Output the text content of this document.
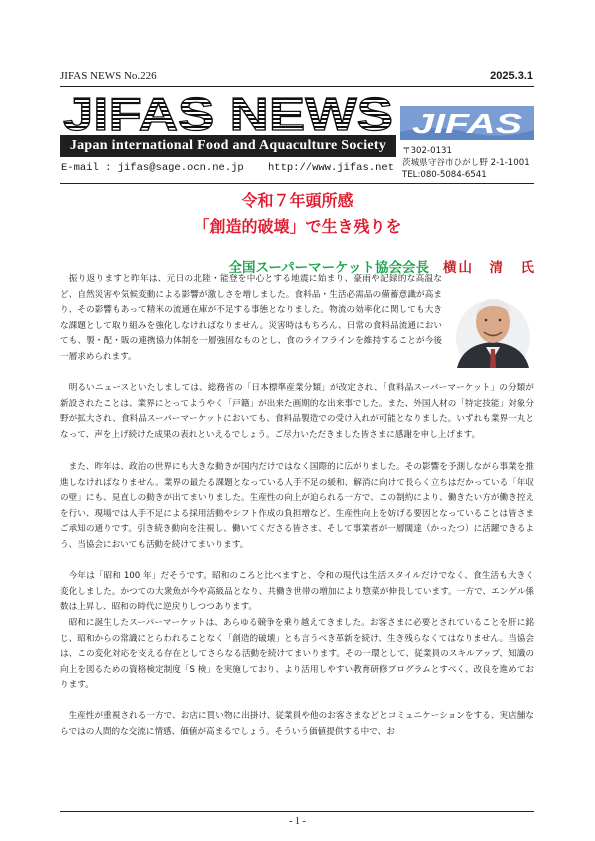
JIFAS NEWS No.226	2025.3.1
JIFAS NEWS
Japan international Food and Aquaculture Society
E-mail : jifas@sage.ocn.ne.jp http://www.jifas.net
JIFAS
〒302-0131
茨城県守谷市ひがし野 2-1-1001
TEL:080-5084-6541
令和７年頭所感
「創造的破壊」で生き残りを
全国スーパーマーケット協会会長 横山　清　氏

　振り返りますと昨年は、元日の北陸・能登を中心とする地震に始まり、豪雨や記録的な高温など、自然災害や気候変動による影響が激しさを増しました。食料品・生活必需品の備蓄意識が高まり、その影響もあって精米の流通在庫が不足する事態となりました。物流の効率化に関しても大きな課題として取り組みを強化しなければなりません。災害時はもちろん、日常の食料品流通においても、製・配・販の連携協力体制を一層強固なものとし、食のライフラインを維持することが今後一層求められます。

　明るいニュースといたしましては、総務省の「日本標準産業分類」が改定され、「食料品スーパーマーケット」の分類が新設されたことは、業界にとってようやく「戸籍」が出来た画期的な出来事でした。また、外国人材の「特定技能」対象分野が拡大され、食料品スーパーマーケットにおいても、食料品製造での受け入れが可能となりました。いずれも業界一丸となって、声を上げ続けた成果の表れといえるでしょう。ご尽力いただきました皆さまに感謝を申し上げます。

　また、昨年は、政治の世界にも大きな動きが国内だけではなく国際的に広がりました。その影響を予測しながら事業を推進しなければなりません。業界の最たる課題となっている人手不足の緩和、解消に向けて長らく立ちはだかっている「年収の壁」にも、見直しの動きが出てまいりました。生産性の向上が迫られる一方で、この制約により、働きたい方が働き控えを行い、現場では人手不足による採用活動やシフト作成の負担増など、生産性向上を妨げる要因となっていることは皆さまご承知の通りです。引き続き動向を注視し、働いてくださる皆さま、そして事業者が一層闊達（かったつ）に活躍できるよう、当協会においても活動を続けてまいります。

　今年は「昭和 100 年」だそうです。昭和のころと比べますと、令和の現代は生活スタイルだけでなく、食生活も大きく変化しました。かつての大衆魚が今や高級品となり、共働き世帯の増加により惣菜が伸長しています。一方で、エンゲル係数は上昇し、昭和の時代に逆戻りしつつあります。

　昭和に誕生したスーパーマーケットは、あらゆる競争を乗り越えてきました。お客さまに必要とされていることを肝に銘じ、昭和からの常識にとらわれることなく「創造的破壊」とも言うべき革新を続け、生き残らなくてはなりません。当協会は、この変化対応を支える存在としてさらなる活動を続けてまいります。その一環として、従業員のスキルアップ、知識の向上を図るための資格検定制度「S 検」を実施しており、より活用しやすい教育研修プログラムとすべく、改良を進めております。

　生産性が重視される一方で、お店に買い物に出掛け、従業員や他のお客さまなどとコミュニケーションをする、実店舗ならではの人間的な交流に情感、価値が高まるでしょう。そういう価値提供する中で、お

- 1 -
